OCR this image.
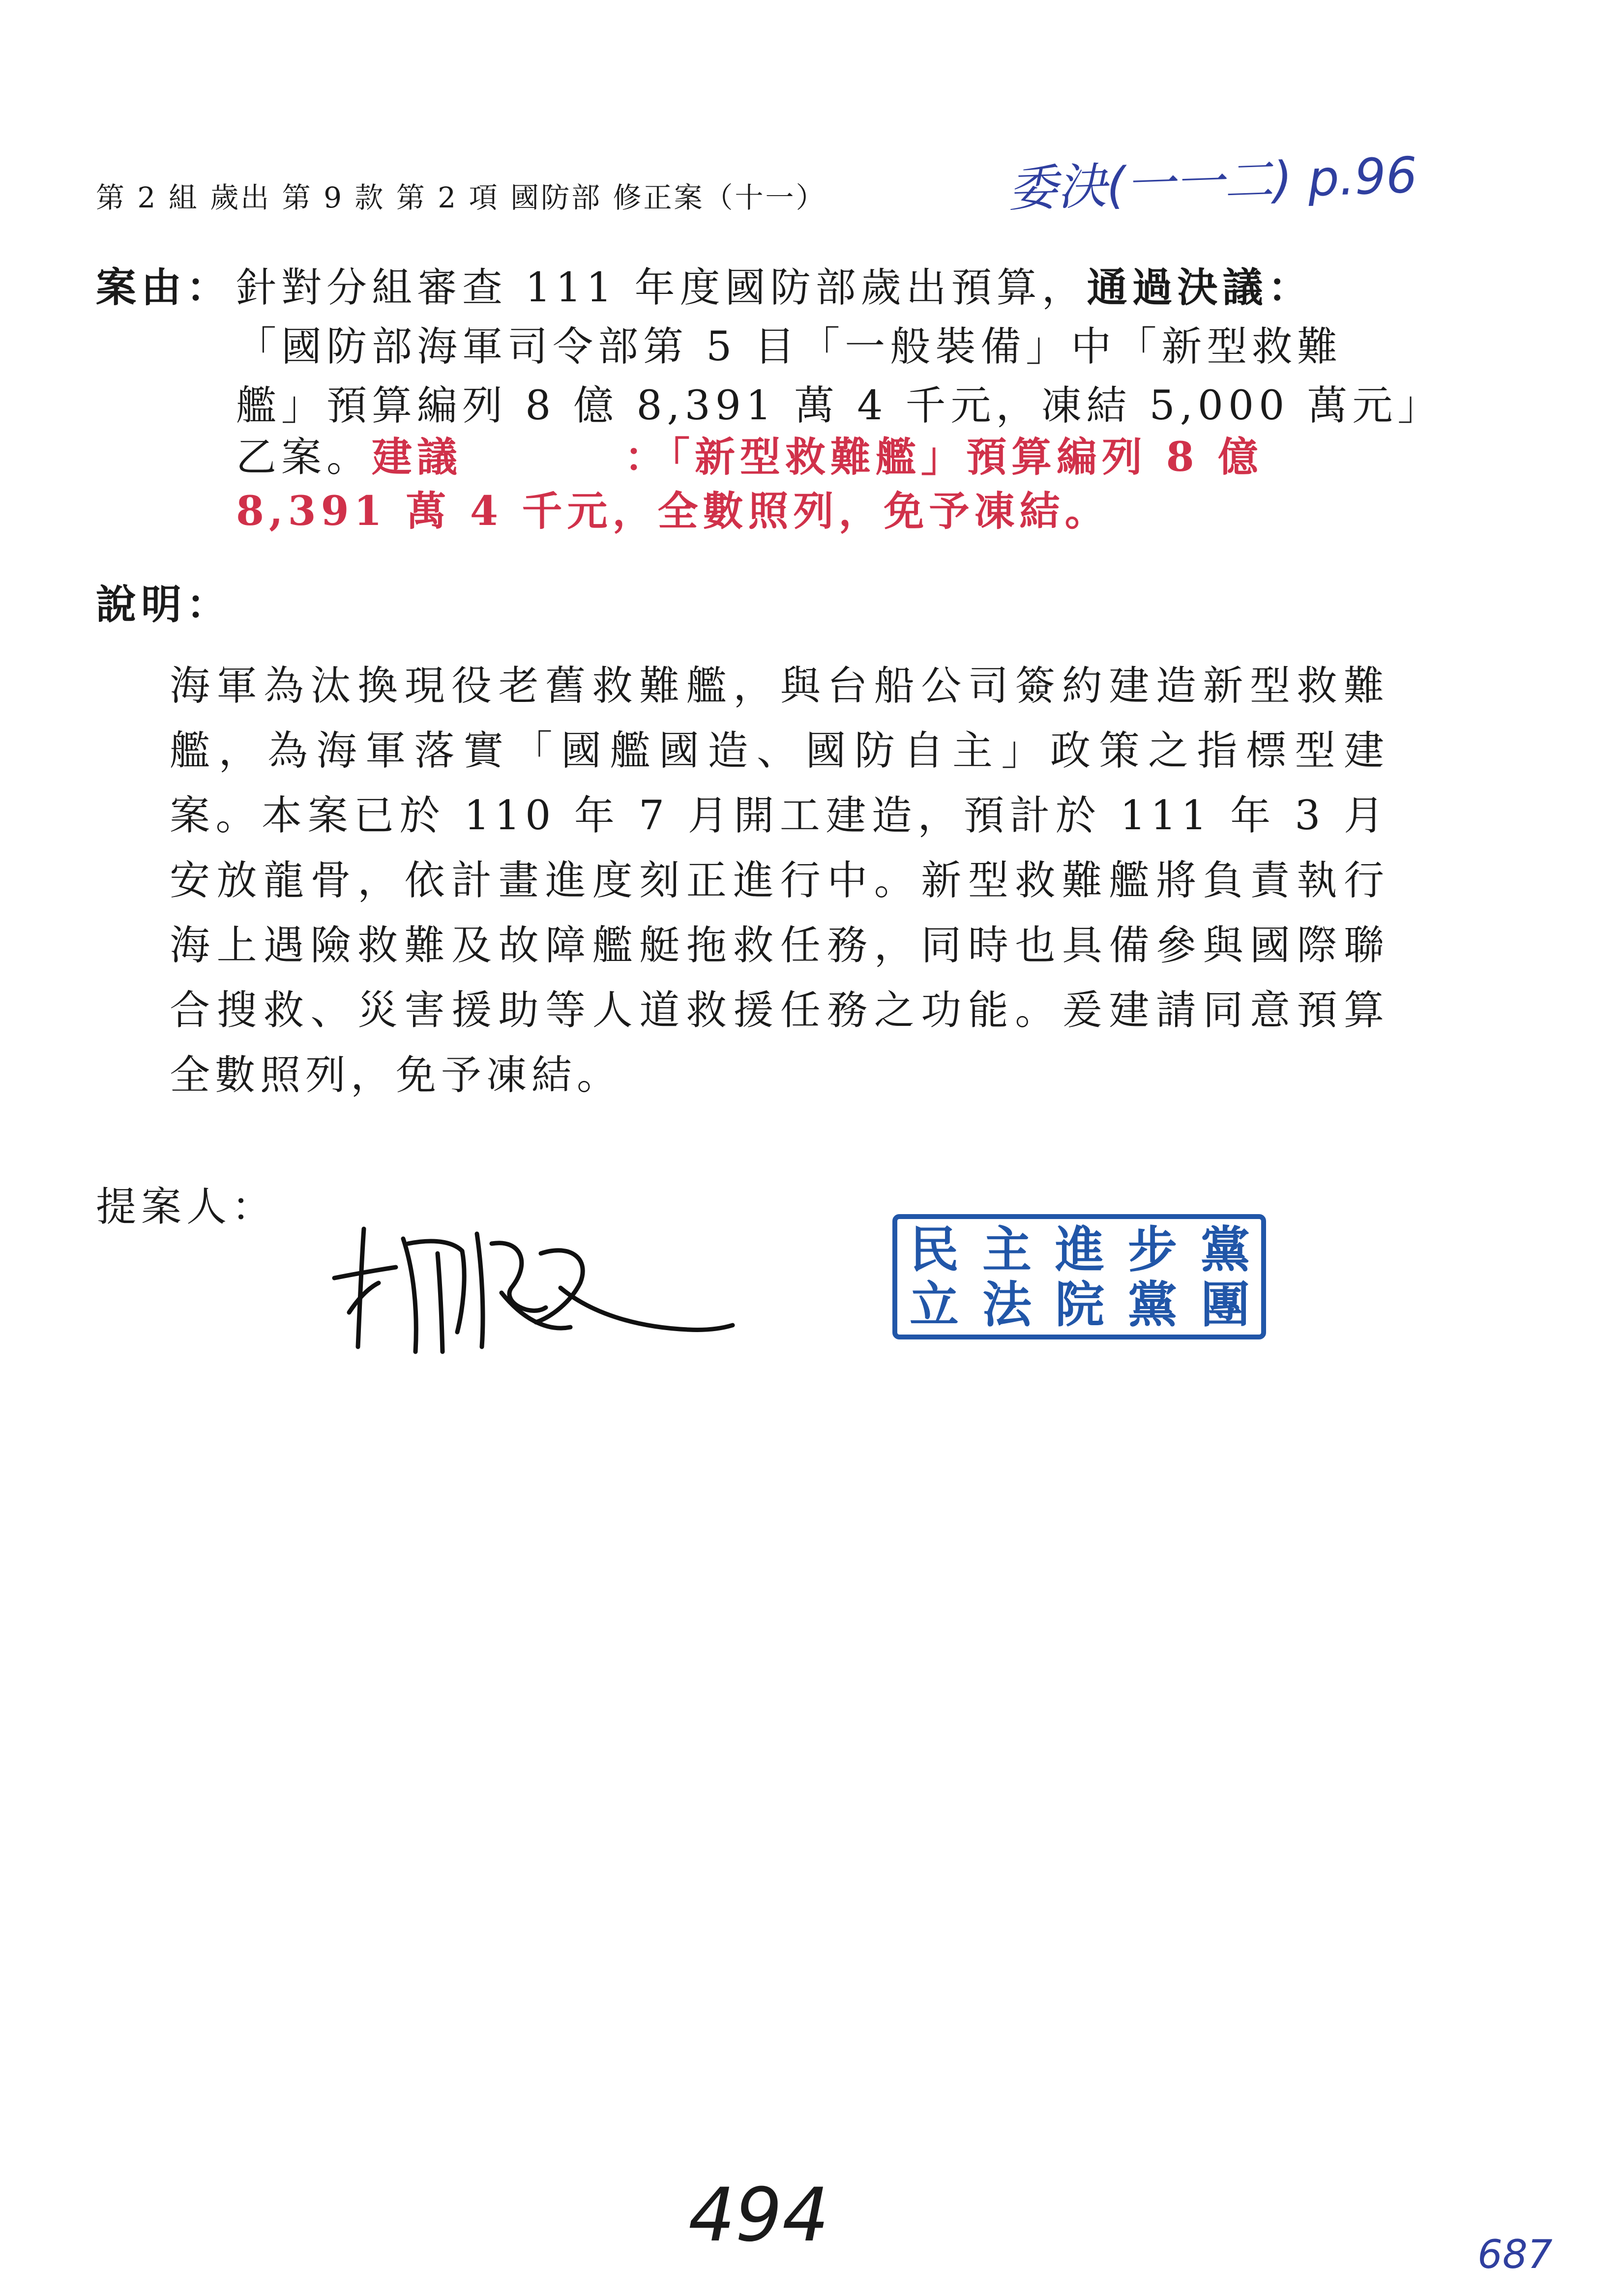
第 2 組 歲出 第 9 款 第 2 項 國防部 修正案（十一）	委決(一一二) p.96
案由： 針對分組審查 111 年度國防部歲出預算，通過決議：
「國防部海軍司令部第 5 目「一般裝備」中「新型救難
艦」預算編列 8 億 8,391 萬 4 千元，凍結 5,000 萬元」
乙案。建議	：「新型救難艦」預算編列 8 億
8,391 萬 4 千元，全數照列，免予凍結。
說明：
海軍為汰換現役老舊救難艦，與台船公司簽約建造新型救難艦，為海軍落實「國艦國造、國防自主」政策之指標型建案。本案已於 110 年 7 月開工建造，預計於 111 年 3 月安放龍骨，依計畫進度刻正進行中。新型救難艦將負責執行海上遇險救難及故障艦艇拖救任務，同時也具備參與國際聯合搜救、災害援助等人道救援任務之功能。爰建請同意預算全數照列，免予凍結。
提案人：
民主進步黨
立法院黨團
494	687
